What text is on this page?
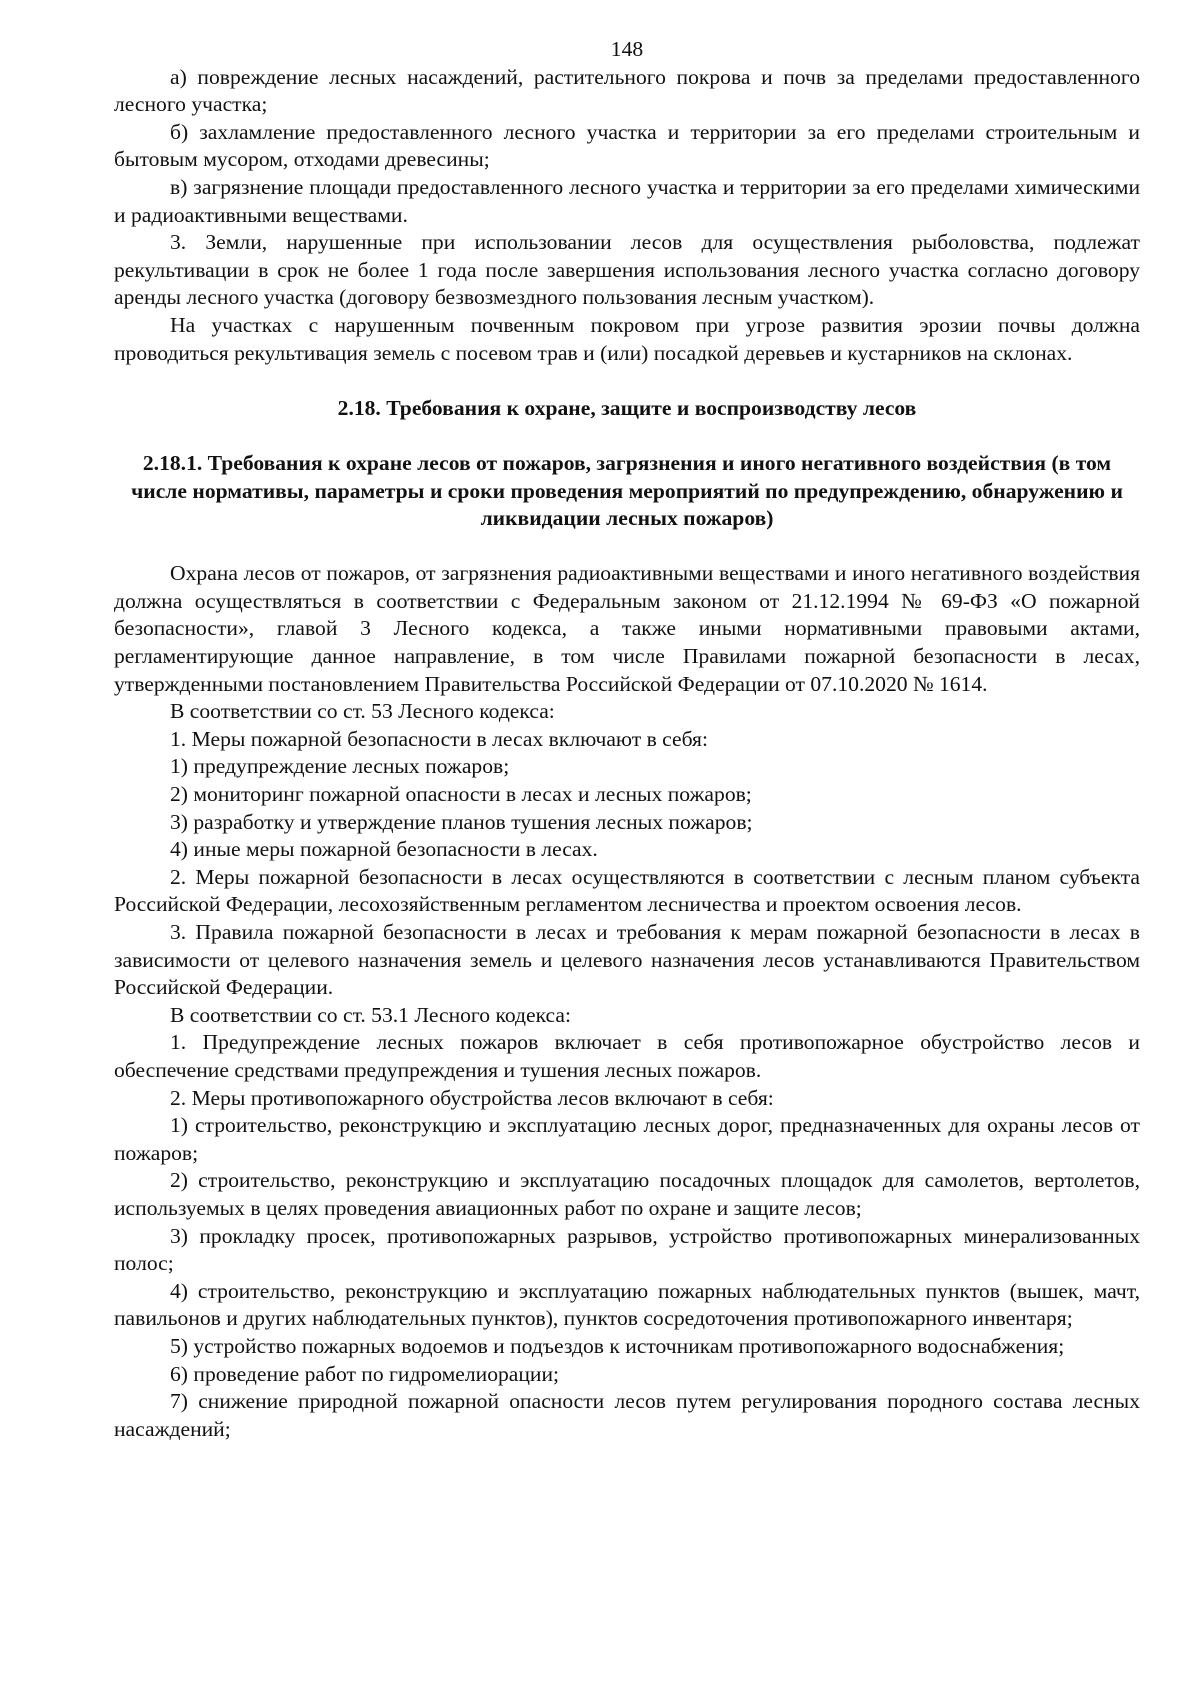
148

а) повреждение лесных насаждений, растительного покрова и почв за пределами предоставленного лесного участка;

б) захламление предоставленного лесного участка и территории за его пределами строительным и бытовым мусором, отходами древесины;

в) загрязнение площади предоставленного лесного участка и территории за его пределами химическими и радиоактивными веществами.

3. Земли, нарушенные при использовании лесов для осуществления рыболовства, подлежат рекультивации в срок не более 1 года после завершения использования лесного участка согласно договору аренды лесного участка (договору безвозмездного пользования лесным участком).

На участках с нарушенным почвенным покровом при угрозе развития эрозии почвы должна проводиться рекультивация земель с посевом трав и (или) посадкой деревьев и кустарников на склонах.

2.18. Требования к охране, защите и воспроизводству лесов

2.18.1. Требования к охране лесов от пожаров, загрязнения и иного негативного воздействия (в том числе нормативы, параметры и сроки проведения мероприятий по предупреждению, обнаружению и ликвидации лесных пожаров)

Охрана лесов от пожаров, от загрязнения радиоактивными веществами и иного негативного воздействия должна осуществляться в соответствии с Федеральным законом от 21.12.1994 № 69-ФЗ «О пожарной безопасности», главой 3 Лесного кодекса, а также иными нормативными правовыми актами, регламентирующие данное направление, в том числе Правилами пожарной безопасности в лесах, утвержденными постановлением Правительства Российской Федерации от 07.10.2020 № 1614.

В соответствии со ст. 53 Лесного кодекса:

1. Меры пожарной безопасности в лесах включают в себя:

1) предупреждение лесных пожаров;

2) мониторинг пожарной опасности в лесах и лесных пожаров;

3) разработку и утверждение планов тушения лесных пожаров;

4) иные меры пожарной безопасности в лесах.

2. Меры пожарной безопасности в лесах осуществляются в соответствии с лесным планом субъекта Российской Федерации, лесохозяйственным регламентом лесничества и проектом освоения лесов.

3. Правила пожарной безопасности в лесах и требования к мерам пожарной безопасности в лесах в зависимости от целевого назначения земель и целевого назначения лесов устанавливаются Правительством Российской Федерации.

В соответствии со ст. 53.1 Лесного кодекса:

1. Предупреждение лесных пожаров включает в себя противопожарное обустройство лесов и обеспечение средствами предупреждения и тушения лесных пожаров.

2. Меры противопожарного обустройства лесов включают в себя:

1) строительство, реконструкцию и эксплуатацию лесных дорог, предназначенных для охраны лесов от пожаров;

2) строительство, реконструкцию и эксплуатацию посадочных площадок для самолетов, вертолетов, используемых в целях проведения авиационных работ по охране и защите лесов;

3) прокладку просек, противопожарных разрывов, устройство противопожарных минерализованных полос;

4) строительство, реконструкцию и эксплуатацию пожарных наблюдательных пунктов (вышек, мачт, павильонов и других наблюдательных пунктов), пунктов сосредоточения противопожарного инвентаря;

5) устройство пожарных водоемов и подъездов к источникам противопожарного водоснабжения;

6) проведение работ по гидромелиорации;

7) снижение природной пожарной опасности лесов путем регулирования породного состава лесных насаждений;
